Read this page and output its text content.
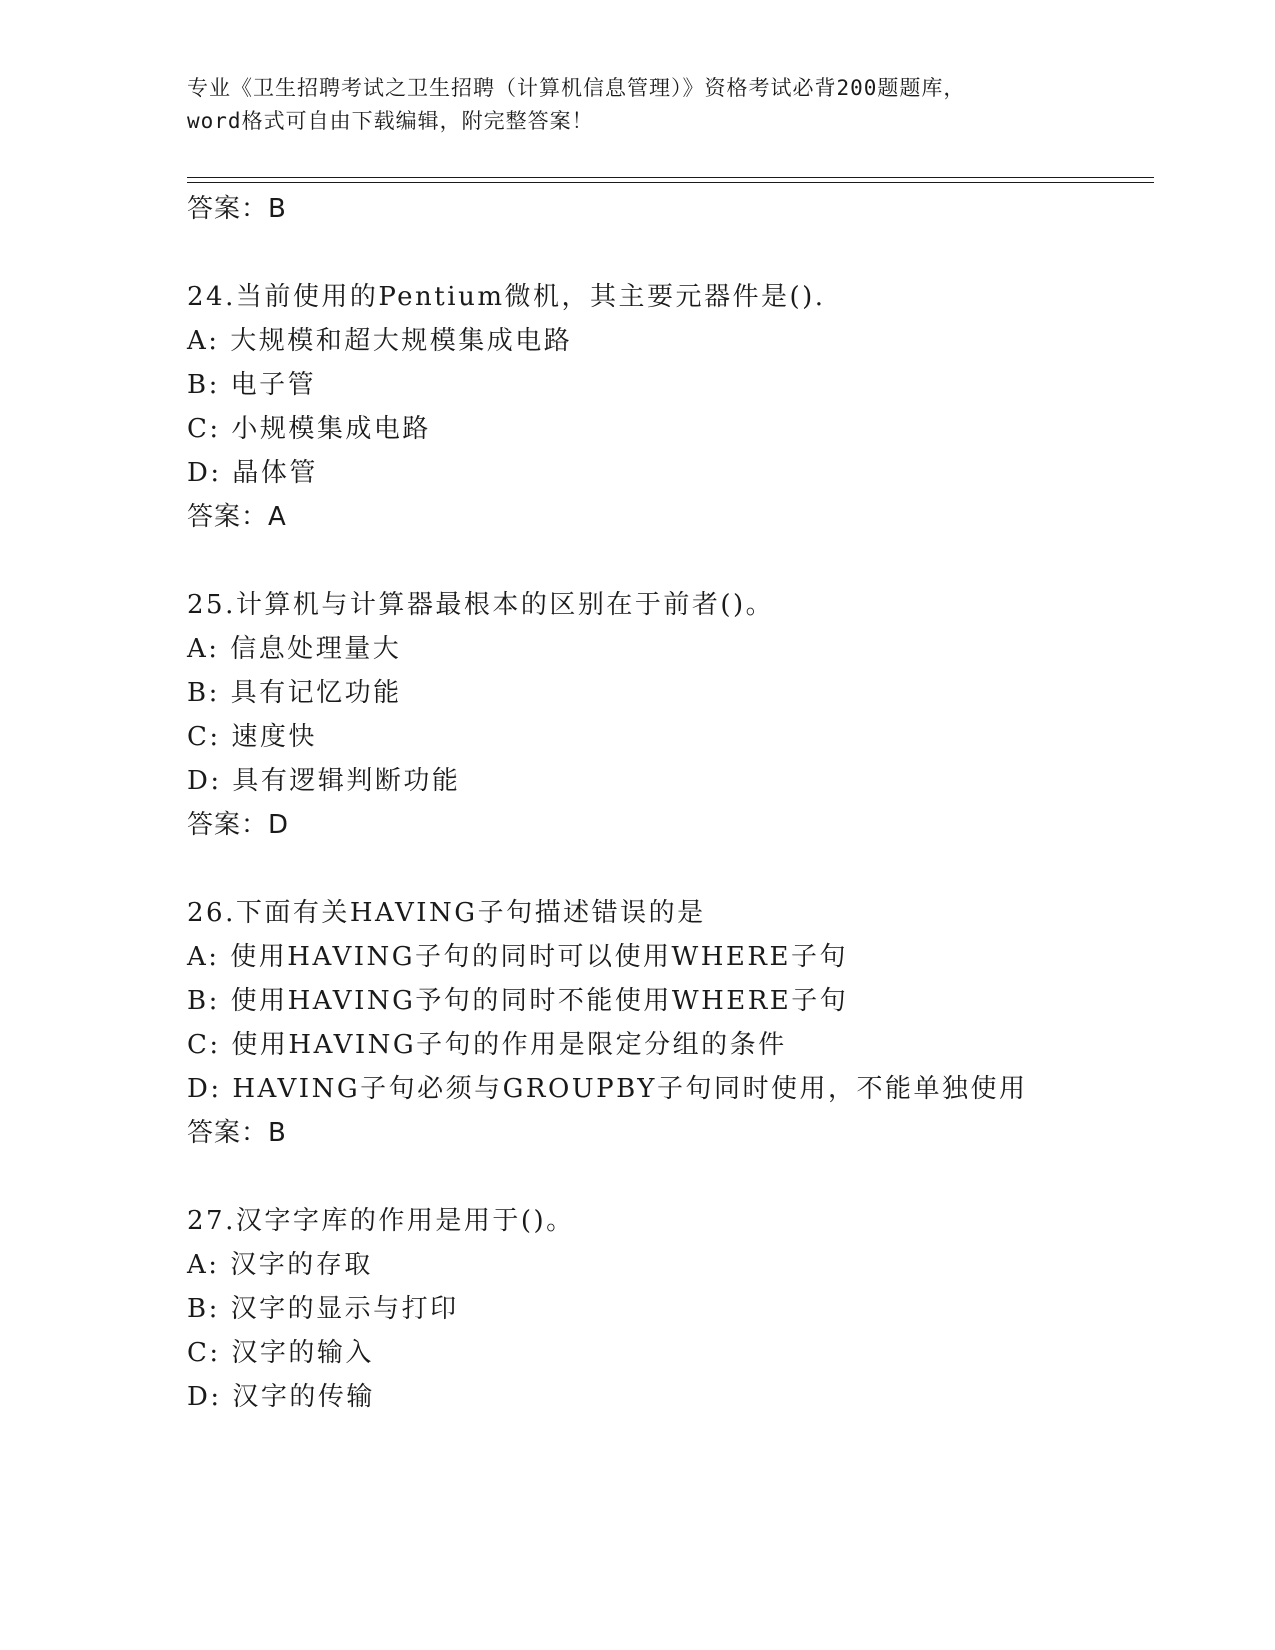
专业《卫生招聘考试之卫生招聘（计算机信息管理）》资格考试必背200题题库，
word格式可自由下载编辑，附完整答案！
答案：B
24.当前使用的Pentium微机，其主要元器件是().
A: 大规模和超大规模集成电路
B: 电子管
C: 小规模集成电路
D: 晶体管
答案：A
25.计算机与计算器最根本的区别在于前者()。
A: 信息处理量大
B: 具有记忆功能
C: 速度快
D: 具有逻辑判断功能
答案：D
26.下面有关HAVING子句描述错误的是
A: 使用HAVING子句的同时可以使用WHERE子句
B: 使用HAVING予句的同时不能使用WHERE子句
C: 使用HAVING子句的作用是限定分组的条件
D: HAVING子句必须与GROUPBY子句同时使用，不能单独使用
答案：B
27.汉字字库的作用是用于()。
A: 汉字的存取
B: 汉字的显示与打印
C: 汉字的输入
D: 汉字的传输
